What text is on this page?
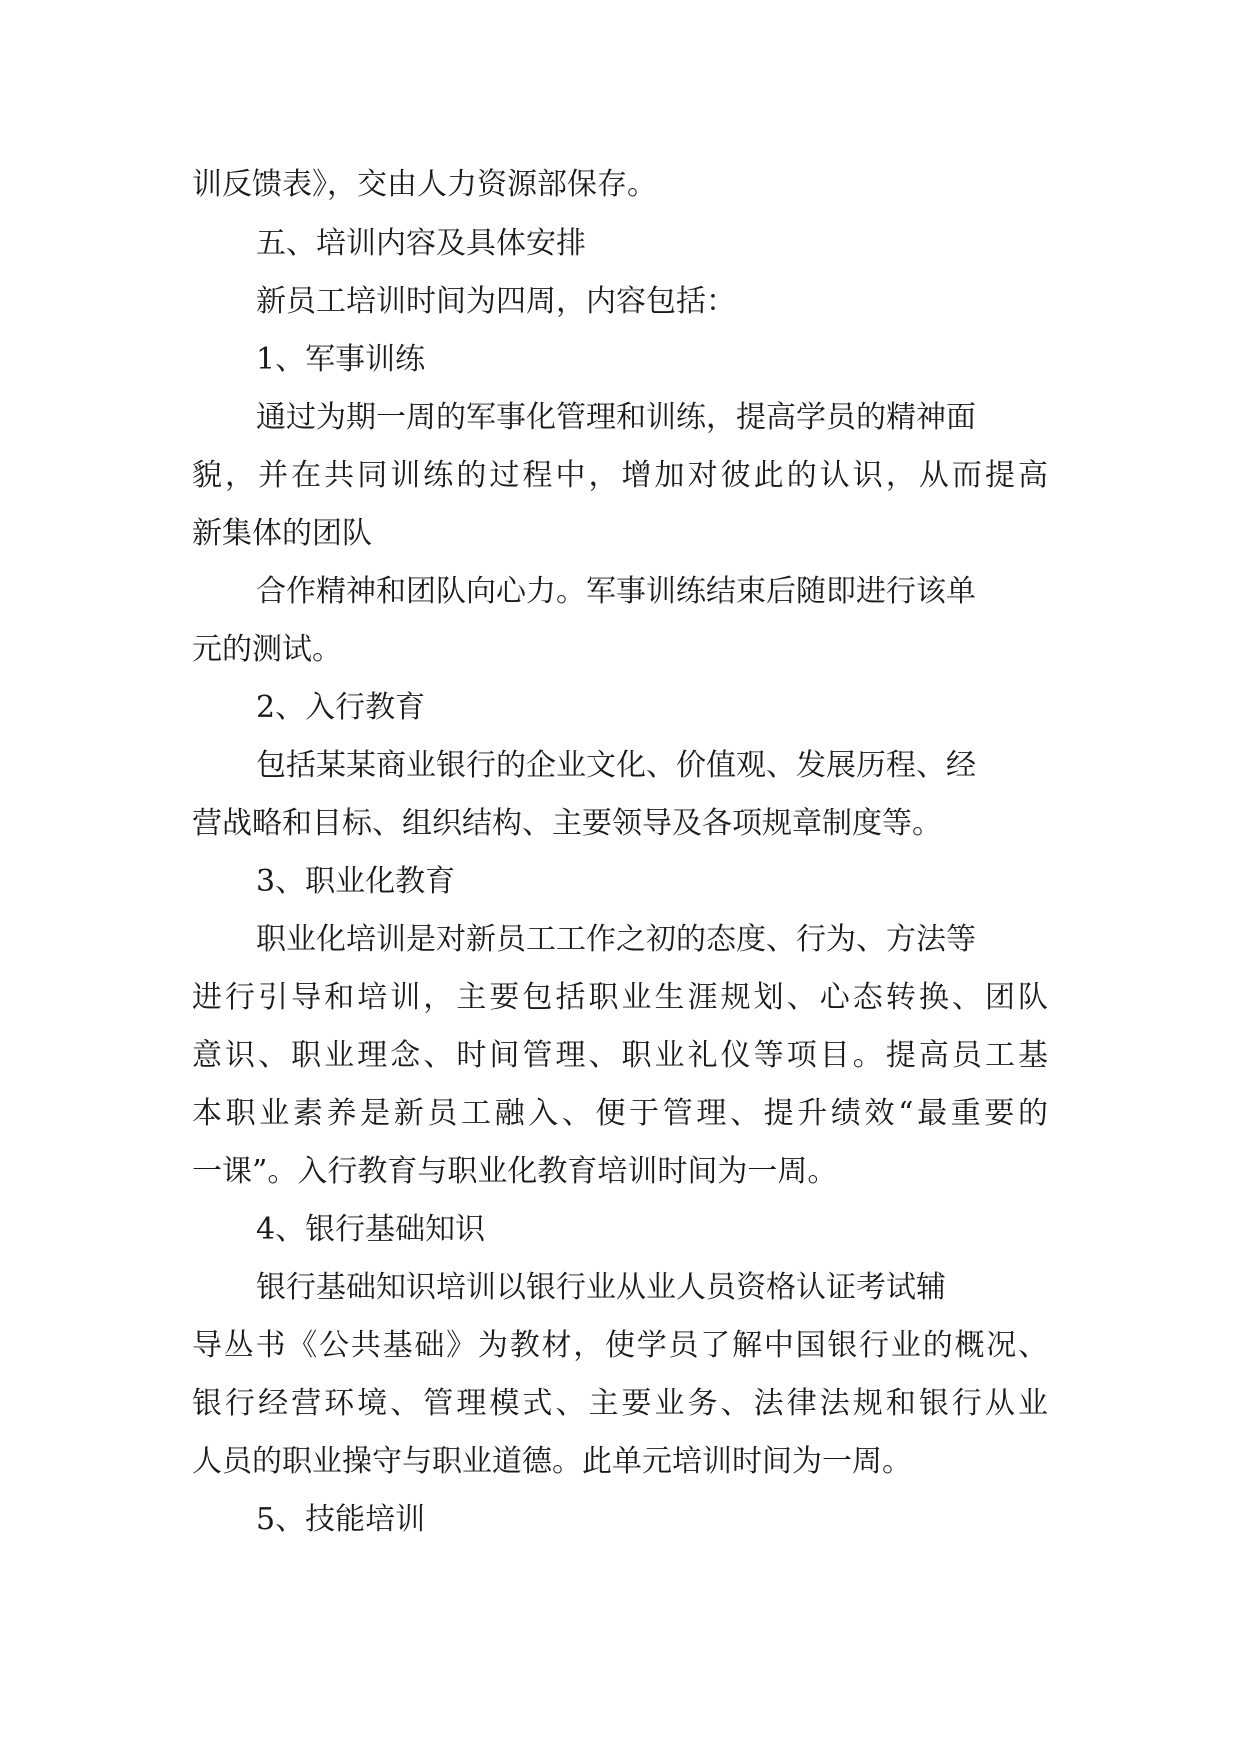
训反馈表》，交由人力资源部保存。
五、培训内容及具体安排
新员工培训时间为四周，内容包括：
1、军事训练
通过为期一周的军事化管理和训练，提高学员的精神面
貌，并在共同训练的过程中，增加对彼此的认识，从而提高
新集体的团队
合作精神和团队向心力。军事训练结束后随即进行该单
元的测试。
2、入行教育
包括某某商业银行的企业文化、价值观、发展历程、经
营战略和目标、组织结构、主要领导及各项规章制度等。
3、职业化教育
职业化培训是对新员工工作之初的态度、行为、方法等
进行引导和培训，主要包括职业生涯规划、心态转换、团队
意识、职业理念、时间管理、职业礼仪等项目。提高员工基
本职业素养是新员工融入、便于管理、提升绩效“最重要的
一课”。入行教育与职业化教育培训时间为一周。
4、银行基础知识
银行基础知识培训以银行业从业人员资格认证考试辅
导丛书《公共基础》为教材，使学员了解中国银行业的概况、
银行经营环境、管理模式、主要业务、法律法规和银行从业
人员的职业操守与职业道德。此单元培训时间为一周。
5、技能培训
